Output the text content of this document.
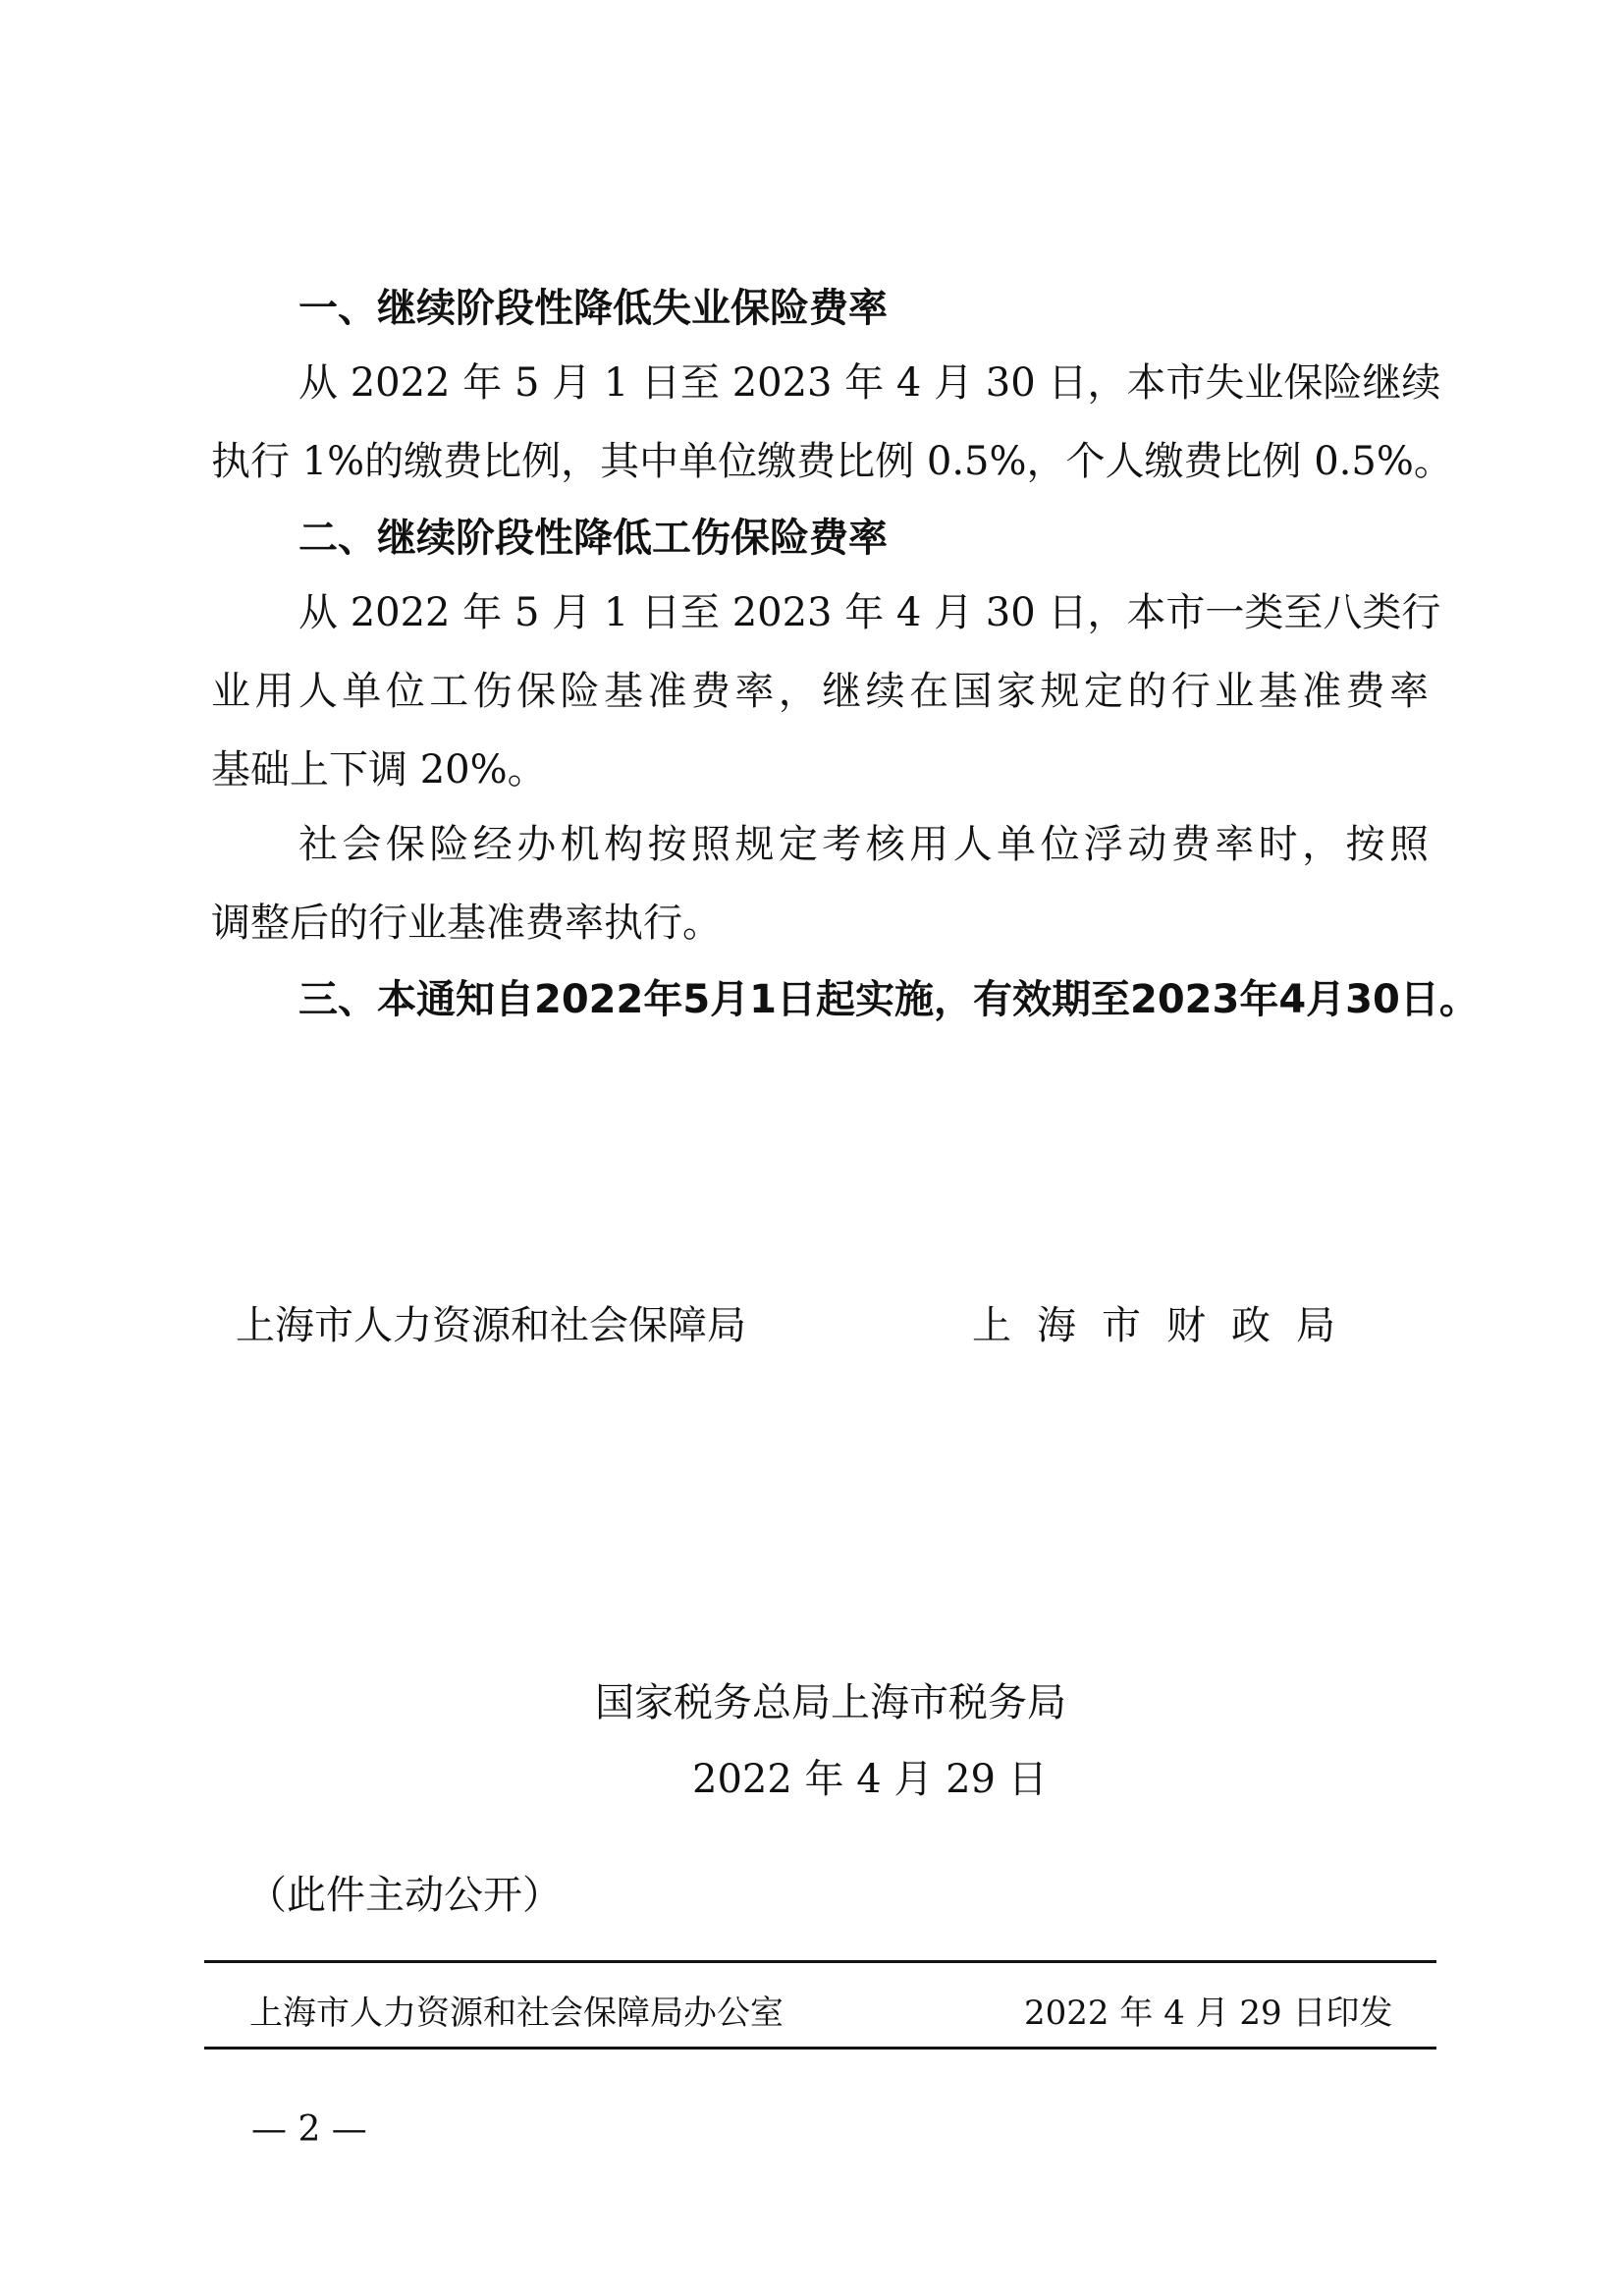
一、继续阶段性降低失业保险费率
从 2022 年 5 月 1 日至 2023 年 4 月 30 日，本市失业保险继续
执行 1%的缴费比例，其中单位缴费比例 0.5%，个人缴费比例 0.5%。
二、继续阶段性降低工伤保险费率
从 2022 年 5 月 1 日至 2023 年 4 月 30 日，本市一类至八类行
业用人单位工伤保险基准费率，继续在国家规定的行业基准费率
基础上下调 20%。
社会保险经办机构按照规定考核用人单位浮动费率时，按照
调整后的行业基准费率执行。
三、本通知自2022年5月1日起实施，有效期至2023年4月30日。
上海市人力资源和社会保障局	上海市财政局
国家税务总局上海市税务局
2022 年 4 月 29 日
（此件主动公开）
上海市人力资源和社会保障局办公室	2022 年 4 月 29 日印发
— 2 —
